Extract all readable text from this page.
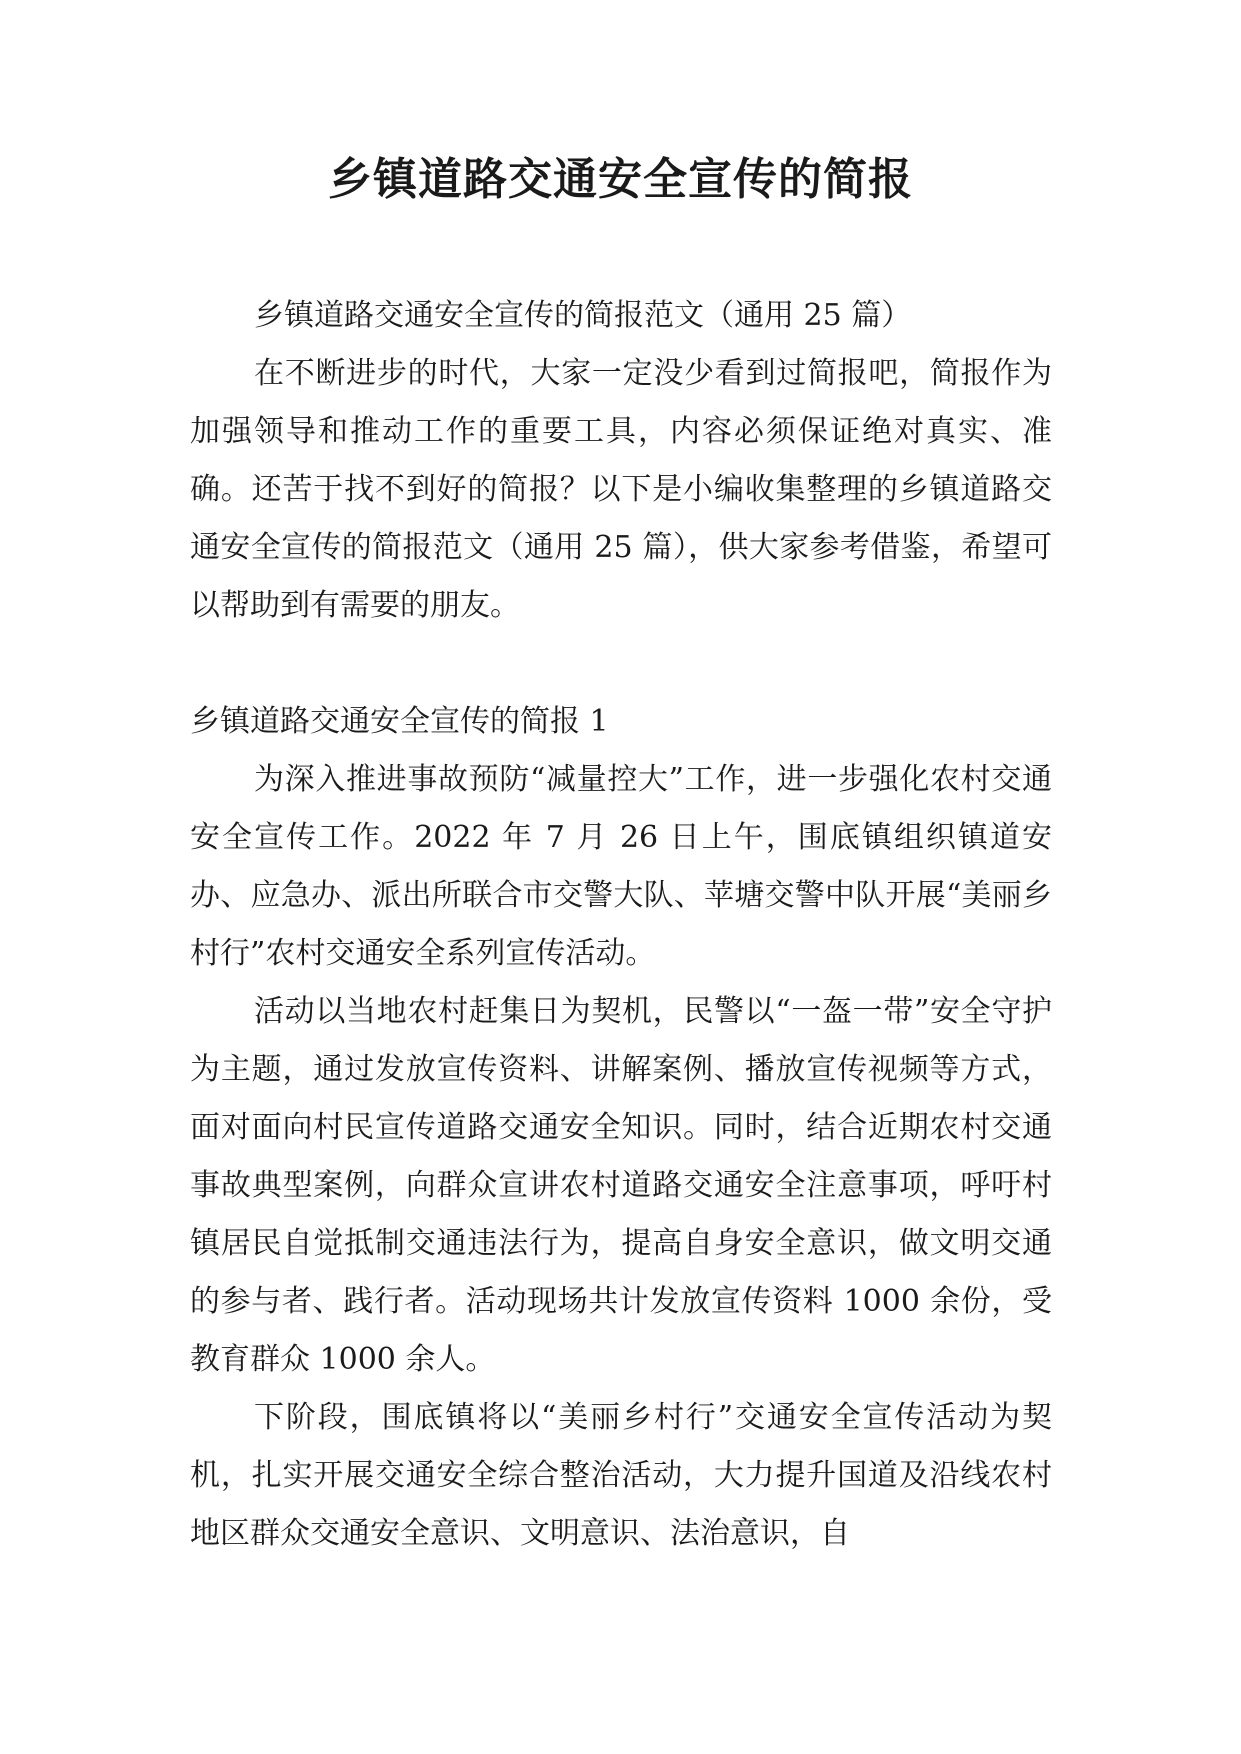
乡镇道路交通安全宣传的简报

乡镇道路交通安全宣传的简报范文（通用 25 篇）

在不断进步的时代，大家一定没少看到过简报吧，简报作为加强领导和推动工作的重要工具，内容必须保证绝对真实、准确。还苦于找不到好的简报？以下是小编收集整理的乡镇道路交通安全宣传的简报范文（通用 25 篇），供大家参考借鉴，希望可以帮助到有需要的朋友。

乡镇道路交通安全宣传的简报 1

为深入推进事故预防“减量控大”工作，进一步强化农村交通安全宣传工作。2022 年 7 月 26 日上午，围底镇组织镇道安办、应急办、派出所联合市交警大队、苹塘交警中队开展“美丽乡村行”农村交通安全系列宣传活动。

活动以当地农村赶集日为契机，民警以“一盔一带”安全守护为主题，通过发放宣传资料、讲解案例、播放宣传视频等方式，面对面向村民宣传道路交通安全知识。同时，结合近期农村交通事故典型案例，向群众宣讲农村道路交通安全注意事项，呼吁村镇居民自觉抵制交通违法行为，提高自身安全意识，做文明交通的参与者、践行者。活动现场共计发放宣传资料 1000 余份，受教育群众 1000 余人。

下阶段，围底镇将以“美丽乡村行”交通安全宣传活动为契机，扎实开展交通安全综合整治活动，大力提升国道及沿线农村地区群众交通安全意识、文明意识、法治意识，自
